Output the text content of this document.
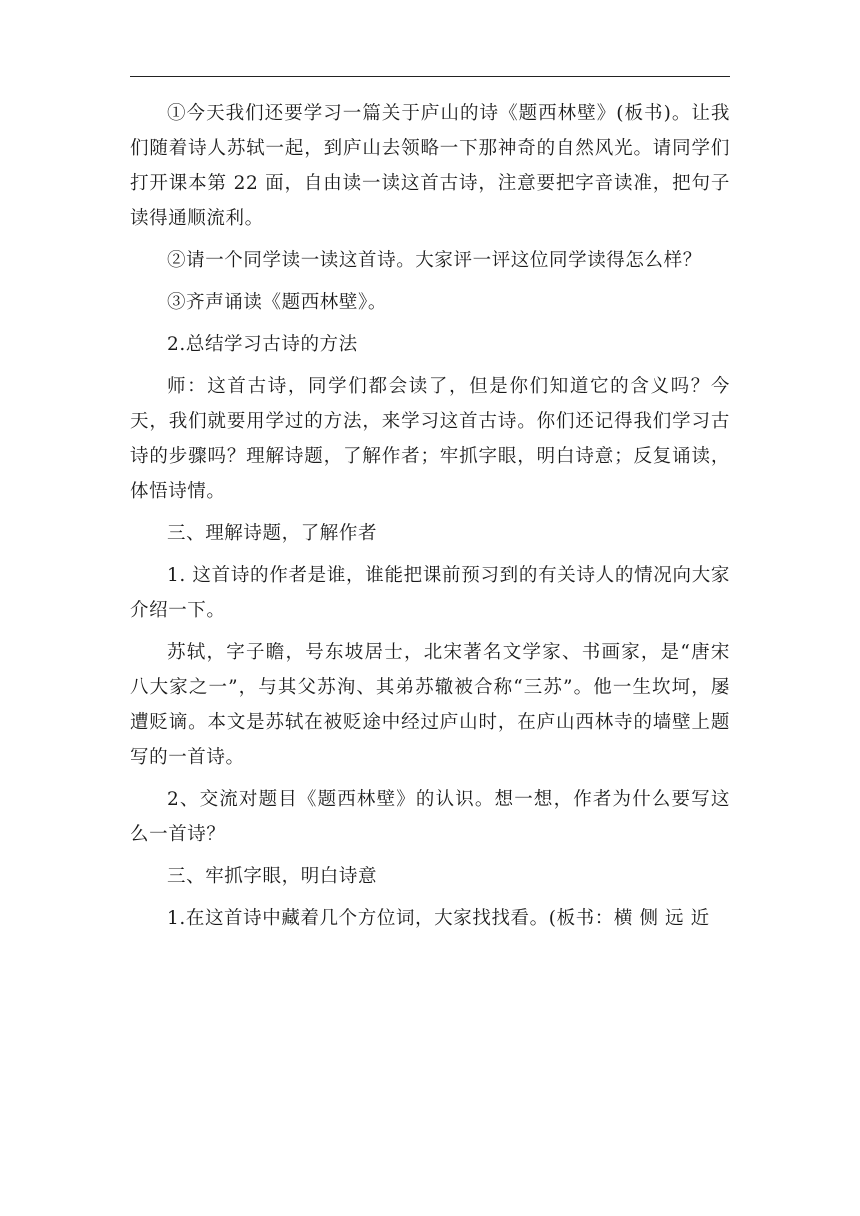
①今天我们还要学习一篇关于庐山的诗《题西林壁》(板书)。让我们随着诗人苏轼一起，到庐山去领略一下那神奇的自然风光。请同学们打开课本第 22 面，自由读一读这首古诗，注意要把字音读准，把句子读得通顺流利。

②请一个同学读一读这首诗。大家评一评这位同学读得怎么样？

③齐声诵读《题西林壁》。

2.总结学习古诗的方法

师：这首古诗，同学们都会读了，但是你们知道它的含义吗？今天，我们就要用学过的方法，来学习这首古诗。你们还记得我们学习古诗的步骤吗？理解诗题，了解作者；牢抓字眼，明白诗意；反复诵读，体悟诗情。

三、理解诗题，了解作者

1. 这首诗的作者是谁，谁能把课前预习到的有关诗人的情况向大家介绍一下。

苏轼，字子瞻，号东坡居士，北宋著名文学家、书画家，是“唐宋八大家之一”，与其父苏洵、其弟苏辙被合称“三苏”。他一生坎坷，屡遭贬谪。本文是苏轼在被贬途中经过庐山时，在庐山西林寺的墙壁上题写的一首诗。

2、交流对题目《题西林壁》的认识。想一想，作者为什么要写这么一首诗？

三、牢抓字眼，明白诗意

1.在这首诗中藏着几个方位词，大家找找看。(板书：横 侧 远 近
